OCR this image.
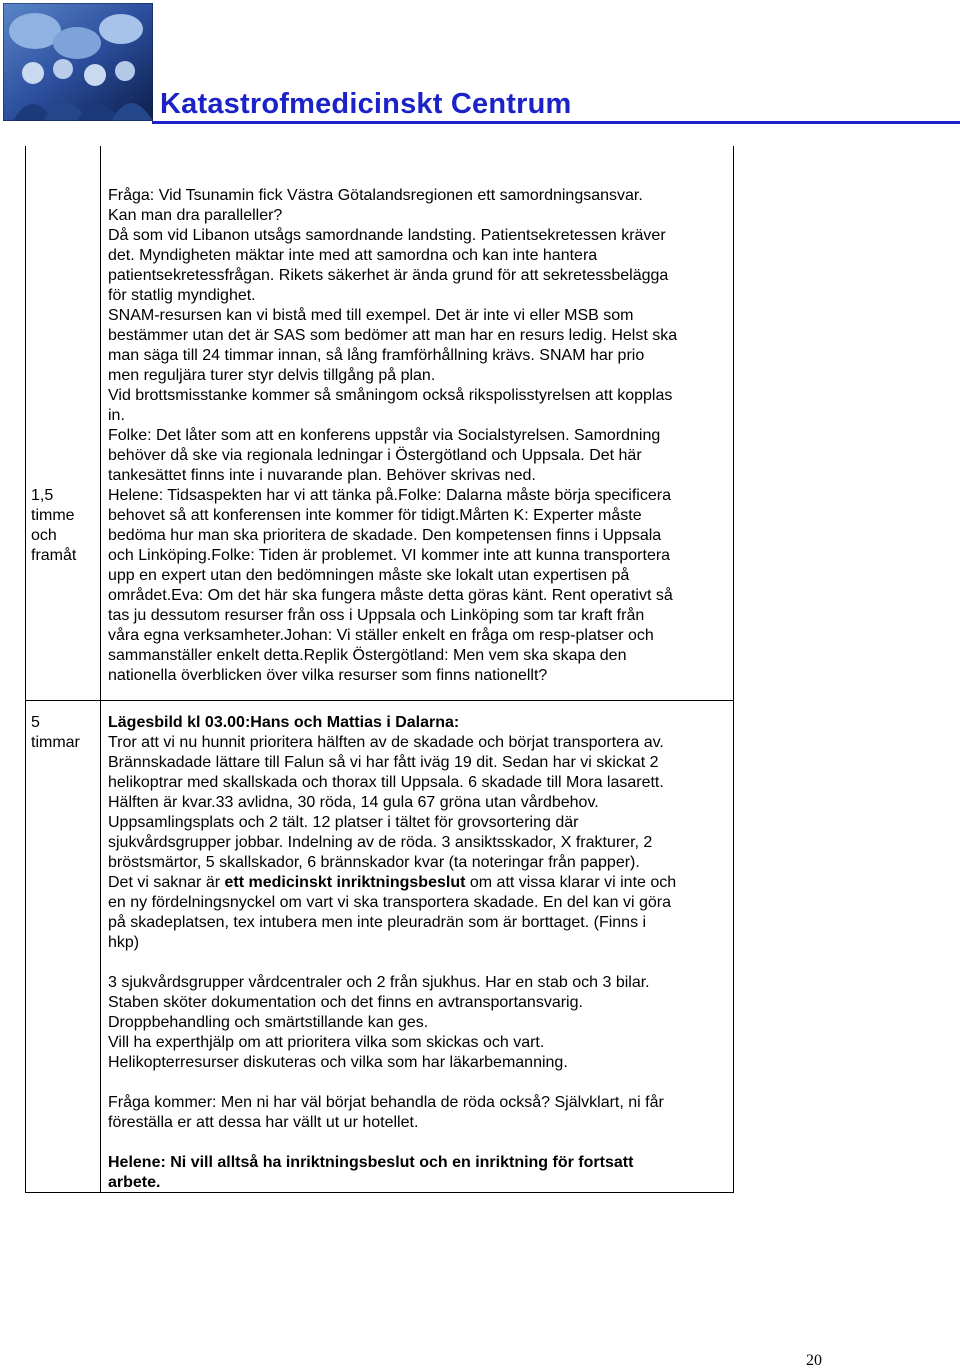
Katastrofmedicinskt Centrum
1,5
timme
och
framåt
Fråga: Vid Tsunamin fick Västra Götalandsregionen ett samordningsansvar.
Kan man dra paralleller?
Då som vid Libanon utsågs samordnande landsting. Patientsekretessen kräver
det. Myndigheten mäktar inte med att samordna och kan inte hantera
patientsekretessfrågan. Rikets säkerhet är ända grund för att sekretessbelägga
för statlig myndighet.
SNAM-resursen kan vi bistå med till exempel. Det är inte vi eller MSB som
bestämmer utan det är SAS som bedömer att man har en resurs ledig. Helst ska
man säga till 24 timmar innan, så lång framförhållning krävs. SNAM har prio
men reguljära turer styr delvis tillgång på plan.
Vid brottsmisstanke kommer så småningom också rikspolisstyrelsen att kopplas
in.
Folke: Det låter som att en konferens uppstår via Socialstyrelsen. Samordning
behöver då ske via regionala ledningar i Östergötland och Uppsala. Det här
tankesättet finns inte i nuvarande plan. Behöver skrivas ned.
Helene: Tidsaspekten har vi att tänka på.Folke: Dalarna måste börja specificera
behovet så att konferensen inte kommer för tidigt.Mårten K: Experter måste
bedöma hur man ska prioritera de skadade. Den kompetensen finns i Uppsala
och Linköping.Folke: Tiden är problemet. VI kommer inte att kunna transportera
upp en expert utan den bedömningen måste ske lokalt utan expertisen på
området.Eva: Om det här ska fungera måste detta göras känt. Rent operativt så
tas ju dessutom resurser från oss i Uppsala och Linköping som tar kraft från
våra egna verksamheter.Johan: Vi ställer enkelt en fråga om resp-platser och
sammanställer enkelt detta.Replik Östergötland: Men vem ska skapa den
nationella överblicken över vilka resurser som finns nationellt?
5
timmar
Lägesbild kl 03.00:Hans och Mattias i Dalarna:
Tror att vi nu hunnit prioritera hälften av de skadade och börjat transportera av.
Brännskadade lättare till Falun så vi har fått iväg 19 dit. Sedan har vi skickat 2
helikoptrar med skallskada och thorax till Uppsala. 6 skadade till Mora lasarett.
Hälften är kvar.33 avlidna, 30 röda, 14 gula 67 gröna utan vårdbehov.
Uppsamlingsplats och 2 tält. 12 platser i tältet för grovsortering där
sjukvårdsgrupper jobbar. Indelning av de röda. 3 ansiktsskador, X frakturer, 2
bröstsmärtor, 5 skallskador, 6 brännskador kvar (ta noteringar från papper).
Det vi saknar är ett medicinskt inriktningsbeslut om att vissa klarar vi inte och
en ny fördelningsnyckel om vart vi ska transportera skadade. En del kan vi göra
på skadeplatsen, tex intubera men inte pleuradrän som är borttaget. (Finns i
hkp)
3 sjukvårdsgrupper vårdcentraler och 2 från sjukhus. Har en stab och 3 bilar.
Staben sköter dokumentation och det finns en avtransportansvarig.
Droppbehandling och smärtstillande kan ges.
Vill ha experthjälp om att prioritera vilka som skickas och vart.
Helikopterresurser diskuteras och vilka som har läkarbemanning.
Fråga kommer: Men ni har väl börjat behandla de röda också? Självklart, ni får
föreställa er att dessa har vällt ut ur hotellet.
Helene: Ni vill alltså ha inriktningsbeslut och en inriktning för fortsatt
arbete.
20
